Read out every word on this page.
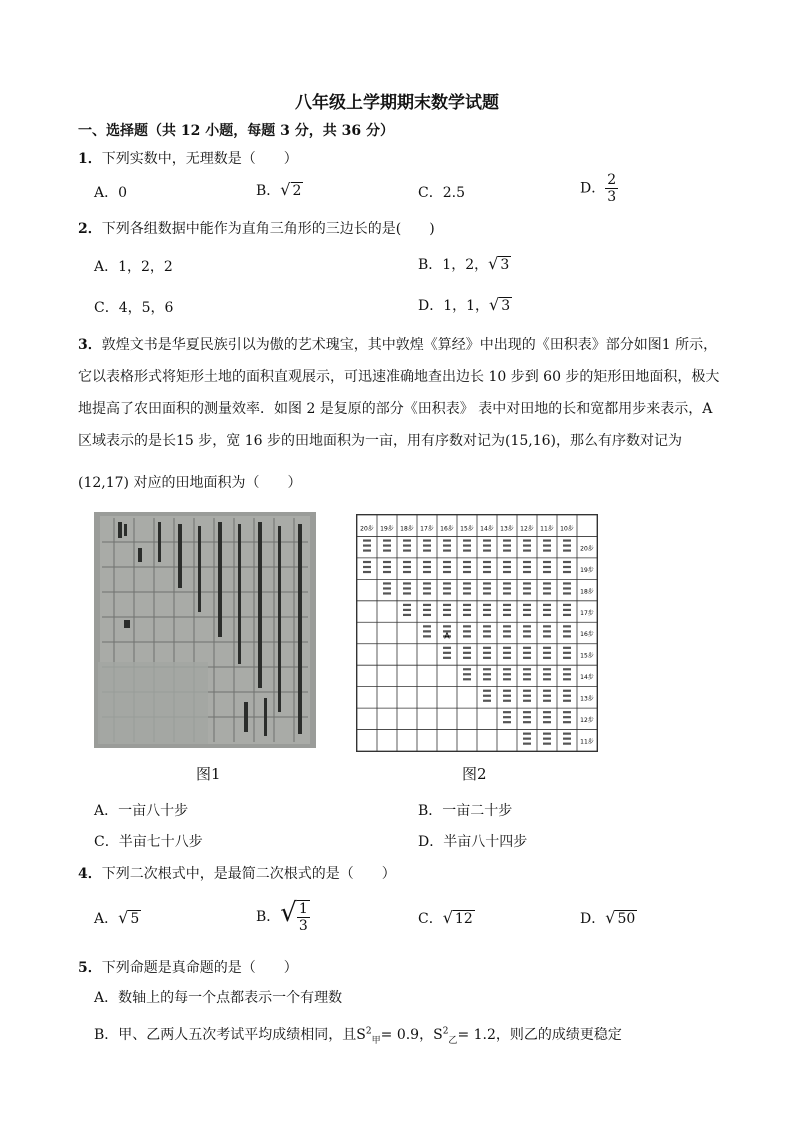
八年级上学期期末数学试题
一、选择题（共 12 小题，每题 3 分，共 36 分）
1．下列实数中，无理数是（　　）
A．0	B．√ 2	C．2.5	D． $\frac{2}{3}$
2．下列各组数据中能作为直角三角形的三边长的是(　　)
A．1，2，2	B．1，2，√ 3
C．4，5，6	D．1，1，√ 3
3．敦煌文书是华夏民族引以为傲的艺术瑰宝，其中敦煌《算经》中出现的《田积表》部分如图1 所示，
它以表格形式将矩形土地的面积直观展示，可迅速准确地查出边长 10 步到 60 步的矩形田地面积，极大
地提高了农田面积的测量效率．如图 2 是复原的部分《田积表》 表中对田地的长和宽都用步来表示，A
区域表示的是长15 步，宽 16 步的田地面积为一亩，用有序数对记为(15,16)，那么有序数对记为
(12,17) 对应的田地面积为（　　）
20步 19步 18步 17步 16步 15步 14步 13步 12步 11步 10步
20步
19步
18步
17步
16步
15步
14步
13步
12步
11步
A
图1	图2
A．一亩八十步	B．一亩二十步
C．半亩七十八步	D．半亩八十四步
4．下列二次根式中，是最简二次根式的是（　　）
A．√ 5	B．√ $\frac{1}{3}$	C．√ 12	D．√ 50
5．下列命题是真命题的是（　　）
A．数轴上的每一个点都表示一个有理数
B．甲、乙两人五次考试平均成绩相同，且$S^2_甲= 0.9$，$S^2_乙= 1.2$，则乙的成绩更稳定
